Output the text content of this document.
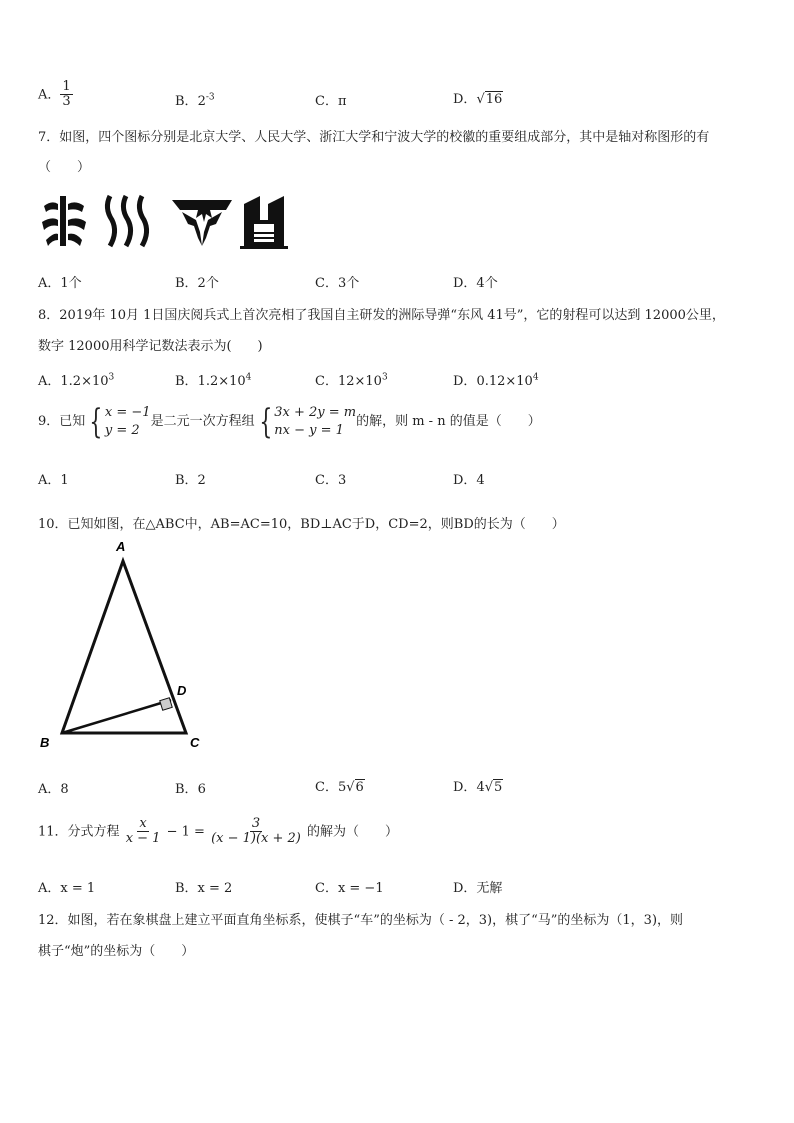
A． $\frac{1}{3}$	B．$2^{-3}$	C．π	D．√16
7．如图，四个图标分别是北京大学、人民大学、浙江大学和宁波大学的校徽的重要组成部分，其中是轴对称图形的有
（　　）
A．1个	B．2个	C．3个	D．4个
8．2019年 10月 1日国庆阅兵式上首次亮相了我国自主研发的洲际导弹“东风 41号”，它的射程可以达到 12000公里，
数字 12000用科学记数法表示为(　　)
A．$1.2\times 10^3$	B．$1.2\times 10^4$	C．$12\times 10^3$	D．$0.12\times 10^4$
9．已知 { x = −1
y = 2
是二元一次方程组 { 3x + 2y = m
nx − y = 1
的解，则 m - n 的值是（　　）
A．1	B．2	C．3	D．4
10．已知如图，在△ABC中，AB=AC=10，BD⊥AC于D，CD=2，则BD的长为（　　）
A
B	C
D
A．8	B．6	C．5√6	D．4√5
11．分式方程 $\frac{x}{x - 1} - 1 = \frac{3}{(x - 1)(x + 2)}$ 的解为（　　）
A．x = 1	B．x = 2	C．x = −1	D．无解
12．如图，若在象棋盘上建立平面直角坐标系，使棋子“车”的坐标为（ - 2，3)，棋了“马”的坐标为（1，3)，则
棋子“炮”的坐标为（　　）
